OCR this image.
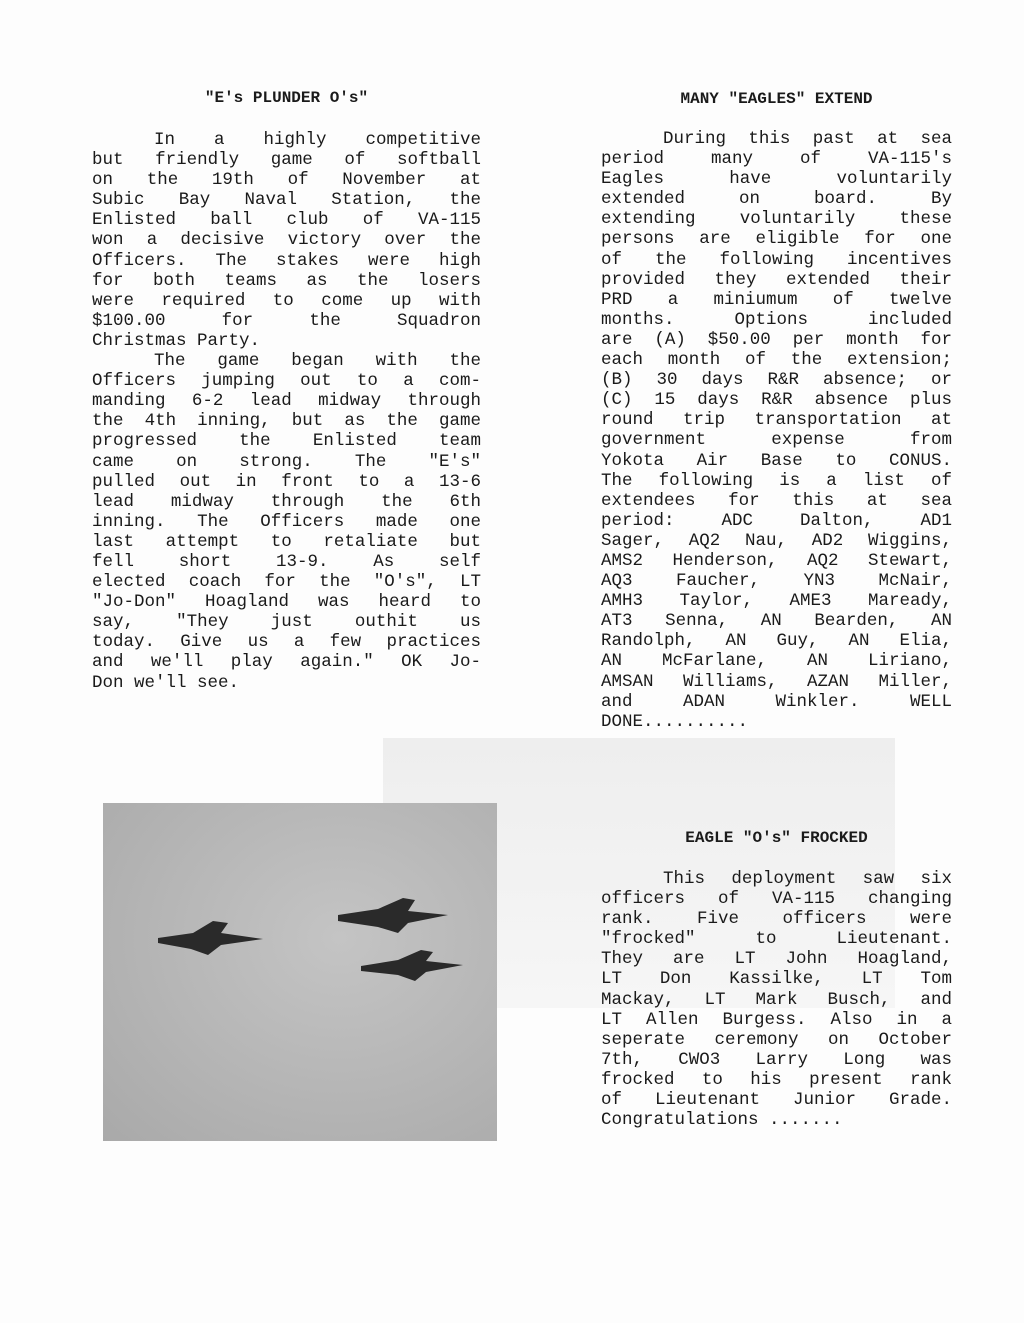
"E's PLUNDER O's"
In a highly competitive
but friendly game of softball
on the 19th of November at
Subic Bay Naval Station, the
Enlisted ball club of VA-115
won a decisive victory over the
Officers. The stakes were high
for both teams as the losers
were required to come up with
$100.00 for the Squadron
Christmas Party.
The game began with the
Officers jumping out to a com-
manding 6-2 lead midway through
the 4th inning, but as the game
progressed the Enlisted team
came on strong. The "E's"
pulled out in front to a 13-6
lead midway through the 6th
inning. The Officers made one
last attempt to retaliate but
fell short 13-9. As self
elected coach for the "O's", LT
"Jo-Don" Hoagland was heard to
say, "They just outhit us
today. Give us a few practices
and we'll play again." OK Jo-
Don we'll see.
MANY "EAGLES" EXTEND
During this past at sea
period many of VA-115's
Eagles have voluntarily
extended on board. By
extending voluntarily these
persons are eligible for one
of the following incentives
provided they extended their
PRD a miniumum of twelve
months. Options included
are (A) $50.00 per month for
each month of the extension;
(B) 30 days R&R absence; or
(C) 15 days R&R absence plus
round trip transportation at
government expense from
Yokota Air Base to CONUS.
The following is a list of
extendees for this at sea
period: ADC Dalton, AD1
Sager, AQ2 Nau, AD2 Wiggins,
AMS2 Henderson, AQ2 Stewart,
AQ3 Faucher, YN3 McNair,
AMH3 Taylor, AME3 Maready,
AT3 Senna, AN Bearden, AN
Randolph, AN Guy, AN Elia,
AN McFarlane, AN Liriano,
AMSAN Williams, AZAN Miller,
and ADAN Winkler. WELL
DONE..........
EAGLE "O's" FROCKED
This deployment saw six
officers of VA-115 changing
rank. Five officers were
"frocked" to Lieutenant.
They are LT John Hoagland,
LT Don Kassilke, LT Tom
Mackay, LT Mark Busch, and
LT Allen Burgess. Also in a
seperate ceremony on October
7th, CWO3 Larry Long was
frocked to his present rank
of Lieutenant Junior Grade.
Congratulations .......
